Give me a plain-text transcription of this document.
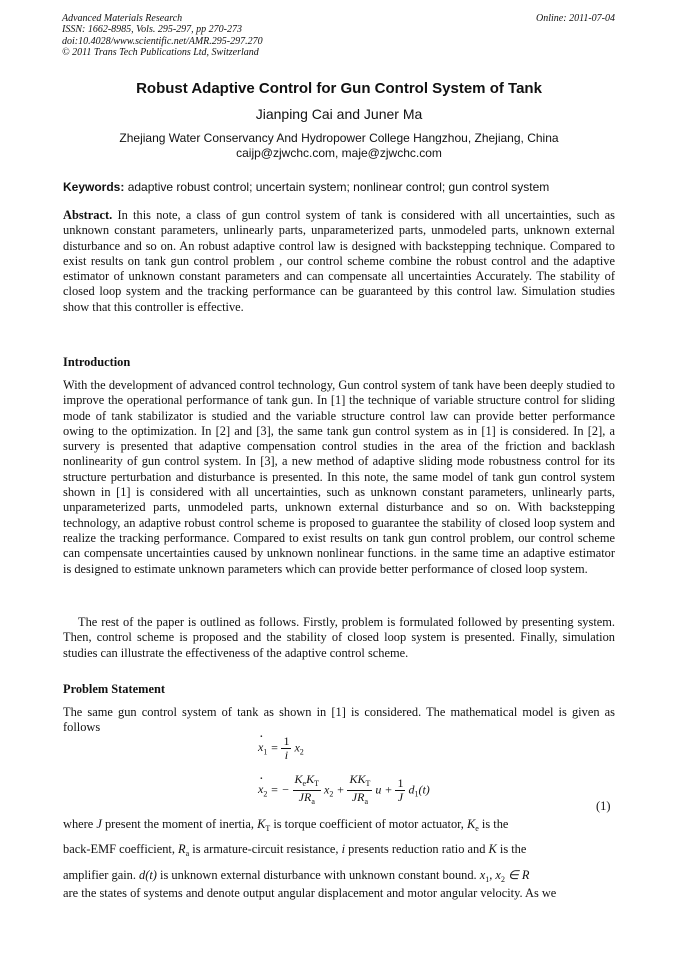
Advanced Materials Research
ISSN: 1662-8985, Vols. 295-297, pp 270-273
doi:10.4028/www.scientific.net/AMR.295-297.270
© 2011 Trans Tech Publications Ltd, Switzerland
Online: 2011-07-04
Robust Adaptive Control for Gun Control System of Tank
Jianping Cai and Juner Ma
Zhejiang Water Conservancy And Hydropower College Hangzhou, Zhejiang, China
caijp@zjwchc.com, maje@zjwchc.com
Keywords: adaptive robust control; uncertain system; nonlinear control; gun control system

Abstract. In this note, a class of gun control system of tank is considered with all uncertainties, such as unknown constant parameters, unlinearly parts, unparameterized parts, unmodeled parts, unknown external disturbance and so on. An robust adaptive control law is designed with backstepping technique. Compared to exist results on tank gun control problem , our control scheme combine the robust control and the adaptive estimator of unknown constant parameters and can compensate all uncertainties Accurately. The stability of closed loop system and the tracking performance can be guaranteed by this control law. Simulation studies show that this controller is effective.

Introduction

With the development of advanced control technology, Gun control system of tank have been deeply studied to improve the operational performance of tank gun. In [1] the technique of variable structure control for sliding mode of tank stabilizator is studied and the variable structure control law can provide better performance owing to the optimization. In [2] and [3], the same tank gun control system as in [1] is considered. In [2], a survery is presented that adaptive compensation control studies in the area of the friction and backlash nonlinearity of gun control system. In [3], a new method of adaptive sliding mode robustness control for its structure perturbation and disturbance is presented. In this note, the same model of tank gun control system shown in [1] is considered with all uncertainties, such as unknown constant parameters, unlinearly parts, unparameterized parts, unmodeled parts, unknown external disturbance and so on. With backstepping technology, an adaptive robust control scheme is proposed to guarantee the stability of closed loop system and realize the tracking performance. Compared to exist results on tank gun control problem, our control scheme can compensate uncertainties caused by unknown nonlinear functions. in the same time an adaptive estimator is designed to estimate unknown parameters which can provide better performance of closed loop system.

The rest of the paper is outlined as follows. Firstly, problem is formulated followed by presenting system. Then, control scheme is proposed and the stability of closed loop system is presented. Finally, simulation studies can illustrate the effectiveness of the adaptive control scheme.

Problem Statement

The same gun control system of tank as shown in [1] is considered. The mathematical model is given as follows

· $x_1 = \frac{1}{i} x_2$
· $x_2$ = − $\frac{K_eK_T}{JR_a} x_2 + \frac{KK_T}{JR_a}$ $u + \frac{1}{J} d_1(t)$
(1)
where J present the moment of inertia, $K_T$ is torque coefficient of motor actuator, $K_e$ is the
back-EMF coefficient, $R_a$ is armature-circuit resistance, i presents reduction ratio and K is the
amplifier gain. d(t) is unknown external disturbance with unknown constant bound. $x_1$, $x_2$ ∈ R
are the states of systems and denote output angular displacement and motor angular velocity. As we
